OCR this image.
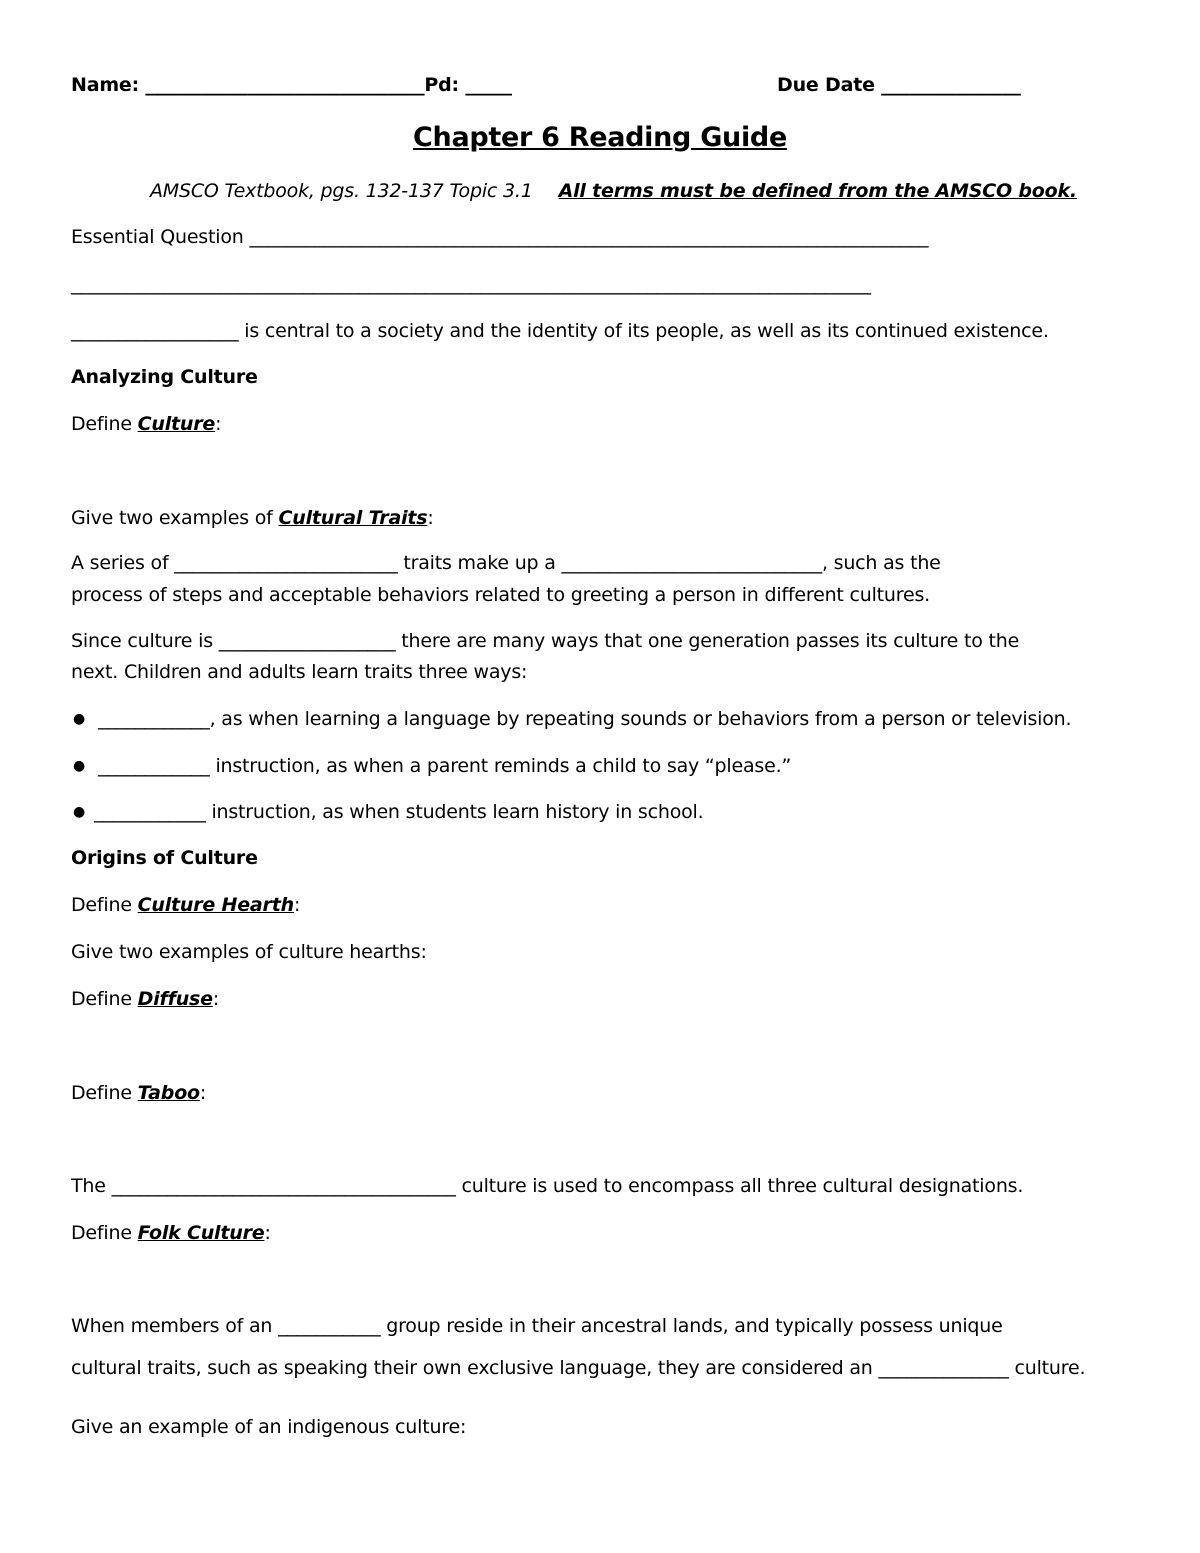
Name: ______________________________Pd: _____	Due Date _______________
Chapter 6 Reading Guide
AMSCO Textbook, pgs. 132-137 Topic 3.1 All terms must be defined from the AMSCO book.

Essential Question _________________________________________________________________________

______________________________________________________________________________________

__________________ is central to a society and the identity of its people, as well as its continued existence.

Analyzing Culture

Define Culture:

Give two examples of Cultural Traits:

A series of ________________________ traits make up a ____________________________, such as the

process of steps and acceptable behaviors related to greeting a person in different cultures.

Since culture is ___________________ there are many ways that one generation passes its culture to the

next. Children and adults learn traits three ways:

● ____________, as when learning a language by repeating sounds or behaviors from a person or television.

● ____________ instruction, as when a parent reminds a child to say “please.”

● ____________ instruction, as when students learn history in school.

Origins of Culture

Define Culture Hearth:

Give two examples of culture hearths:

Define Diffuse:

Define Taboo:

The _____________________________________ culture is used to encompass all three cultural designations.

Define Folk Culture:

When members of an ___________ group reside in their ancestral lands, and typically possess unique

cultural traits, such as speaking their own exclusive language, they are considered an ______________ culture.

Give an example of an indigenous culture:
